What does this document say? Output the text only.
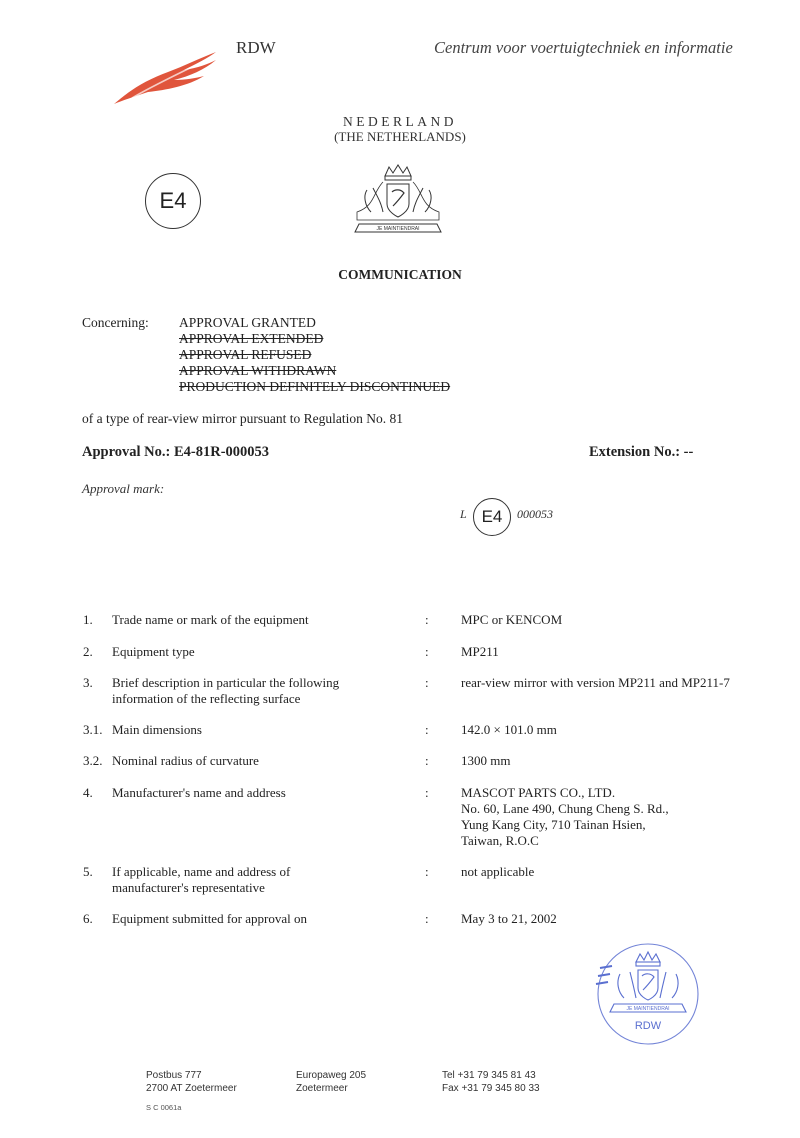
RDW	Centrum voor voertuigtechniek en informatie
NEDERLAND
(THE NETHERLANDS)
E4
JE MAINTIENDRAI
COMMUNICATION
Concerning: APPROVAL GRANTED
APPROVAL EXTENDED
APPROVAL REFUSED
APPROVAL WITHDRAWN
PRODUCTION DEFINITELY DISCONTINUED
of a type of rear-view mirror pursuant to Regulation No. 81
Approval No.: E4-81R-000053	Extension No.: --
Approval mark:
L E4	000053
1. Trade name or mark of the equipment	: MPC or KENCOM
2. Equipment type	: MP211
3. Brief description in particular the following
information of the reflecting surface
: rear-view mirror with version MP211 and MP211-7
3.1. Main dimensions	: 142.0 × 101.0 mm
3.2. Nominal radius of curvature	: 1300 mm
4. Manufacturer's name and address	: MASCOT PARTS CO., LTD.
No. 60, Lane 490, Chung Cheng S. Rd.,
Yung Kang City, 710 Tainan Hsien,
Taiwan, R.O.C
5. If applicable, name and address of
manufacturer's representative
: not applicable
6. Equipment submitted for approval on	: May 3 to 21, 2002
JE MAINTIENDRAI
RDW
Postbus 777
2700 AT Zoetermeer
Europaweg 205
Zoetermeer
Tel +31 79 345 81 43
Fax +31 79 345 80 33
S C 0061a
